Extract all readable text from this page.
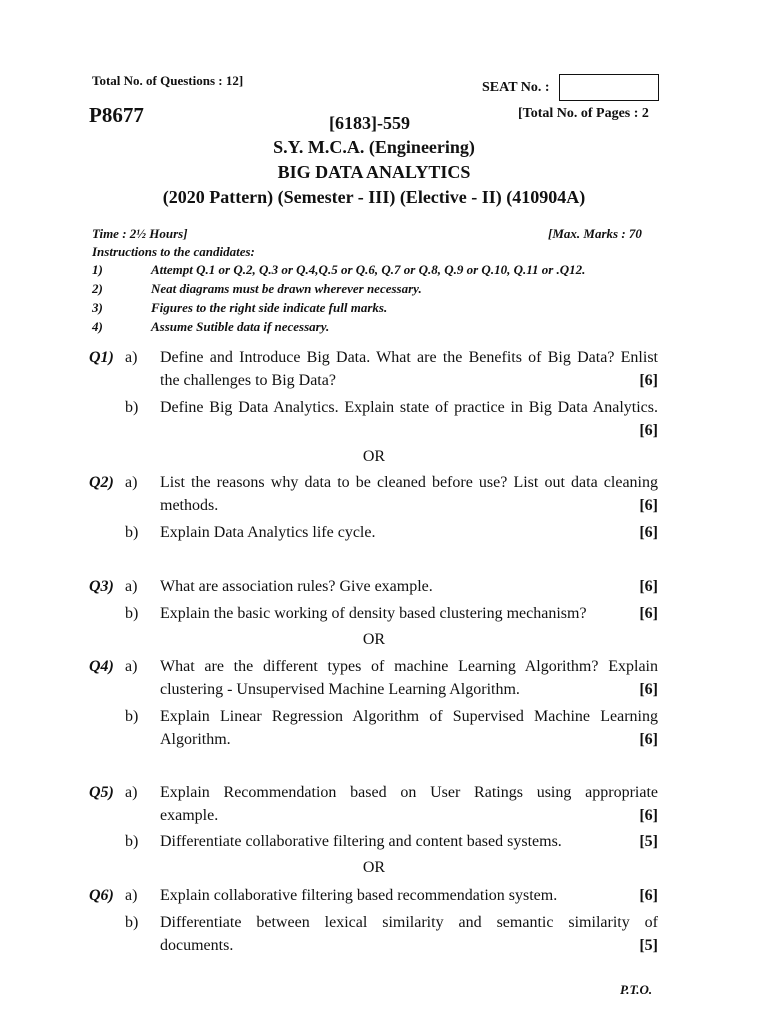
Total No. of Questions : 12]	SEAT No. :
P8677	[6183]-559	[Total No. of Pages : 2
S.Y. M.C.A. (Engineering)
BIG DATA ANALYTICS
(2020 Pattern) (Semester - III) (Elective - II) (410904A)
Time : 2½ Hours]	[Max. Marks : 70
Instructions to the candidates:
1)	Attempt Q.1 or Q.2, Q.3 or Q.4,Q.5 or Q.6, Q.7 or Q.8, Q.9 or Q.10, Q.11 or .Q12.
2)	Neat diagrams must be drawn wherever necessary.
3)	Figures to the right side indicate full marks.
4)	Assume Sutible data if necessary.
Q1) a) Define and Introduce Big Data. What are the Benefits of Big Data? Enlist
the challenges to Big Data?	[6]
b) Define Big Data Analytics. Explain state of practice in Big Data Analytics.
[6]
OR
Q2) a) List the reasons why data to be cleaned before use? List out data cleaning
methods.	[6]
b) Explain Data Analytics life cycle.	[6]
Q3) a) What are association rules? Give example.	[6]
b) Explain the basic working of density based clustering mechanism?	[6]
OR
Q4) a) What are the different types of machine Learning Algorithm? Explain
clustering - Unsupervised Machine Learning Algorithm.	[6]
b) Explain Linear Regression Algorithm of Supervised Machine Learning
Algorithm.	[6]
Q5) a) Explain Recommendation based on User Ratings using appropriate
example.	[6]
b) Differentiate collaborative filtering and content based systems.	[5]
OR
Q6) a) Explain collaborative filtering based recommendation system.	[6]
b) Differentiate between lexical similarity and semantic similarity of
documents.	[5]
P.T.O.
